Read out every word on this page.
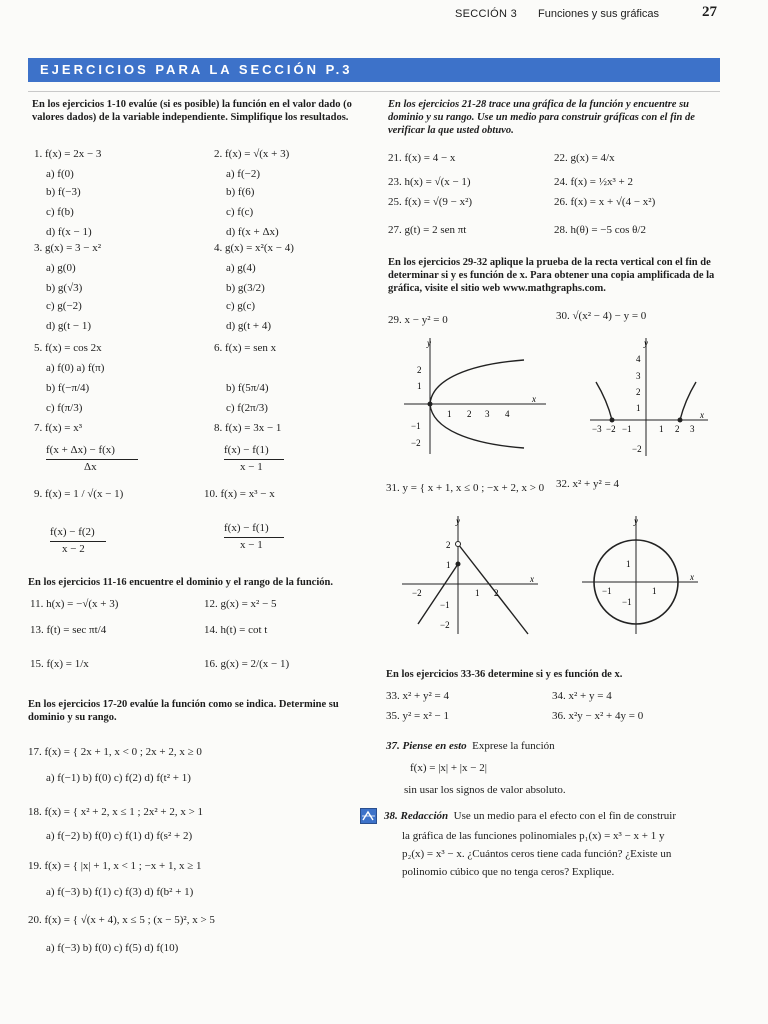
SECCIÓN 3 Funciones y sus gráficas	27
EJERCICIOS PARA LA SECCIÓN P.3
En los ejercicios 1-10 evalúe (si es posible) la función en el valor dado (o valores dados) de la variable independiente. Simplifique los resultados.
1. f(x) = 2x − 3	2. f(x) = √(x + 3)
a) f(0)	a) f(−2)
b) f(−3)	b) f(6)
c) f(b)	c) f(c)
d) f(x − 1)	d) f(x + Δx)
3. g(x) = 3 − x²	4. g(x) = x²(x − 4)
a) g(0)	a) g(4)
b) g(√3)	b) g(3/2)
c) g(−2)	c) g(c)
d) g(t − 1)	d) g(t + 4)
5. f(x) = cos 2x	6. f(x) = sen x
a) f(0) a) f(π)
b) f(−π/4)	b) f(5π/4)
c) f(π/3)	c) f(2π/3)
7. f(x) = x³	8. f(x) = 3x − 1
f(x + Δx) − f(x)
Δx
f(x) − f(1)
x − 1
9. f(x) = 1 / √(x − 1)	10. f(x) = x³ − x
f(x) − f(2)
x − 2
f(x) − f(1)
x − 1
En los ejercicios 11-16 encuentre el dominio y el rango de la función.
11. h(x) = −√(x + 3)	12. g(x) = x² − 5
13. f(t) = sec πt/4	14. h(t) = cot t
15. f(x) = 1/x	16. g(x) = 2/(x − 1)
En los ejercicios 17-20 evalúe la función como se indica. Determine su dominio y su rango.
17. f(x) = { 2x + 1, x < 0 ; 2x + 2, x ≥ 0
a) f(−1) b) f(0) c) f(2) d) f(t² + 1)
18. f(x) = { x² + 2, x ≤ 1 ; 2x² + 2, x > 1
a) f(−2) b) f(0) c) f(1) d) f(s² + 2)
19. f(x) = { |x| + 1, x < 1 ; −x + 1, x ≥ 1
a) f(−3) b) f(1) c) f(3) d) f(b² + 1)
20. f(x) = { √(x + 4), x ≤ 5 ; (x − 5)², x > 5
a) f(−3) b) f(0) c) f(5) d) f(10)
En los ejercicios 21-28 trace una gráfica de la función y encuentre su dominio y su rango. Use un medio para construir gráficas con el fin de verificar la que usted obtuvo.
21. f(x) = 4 − x	22. g(x) = 4/x
23. h(x) = √(x − 1)	24. f(x) = ½x³ + 2
25. f(x) = √(9 − x²)	26. f(x) = x + √(4 − x²)
27. g(t) = 2 sen πt	28. h(θ) = −5 cos θ/2
En los ejercicios 29-32 aplique la prueba de la recta vertical con el fin de determinar si y es función de x. Para obtener una copia amplificada de la gráfica, visite el sitio web www.mathgraphs.com.
29. x − y² = 0	30. √(x² − 4) − y = 0
y
x
2
1
−1
−2
1 2 3 4
y
x
4
3
2
1
−2
−3 −2 −1	1 2 3
31. y = { x + 1, x ≤ 0 ; −x + 2, x > 0 32. x² + y² = 4
y
x
2
1
−1
−2
−2	1 2
y
x
1
−1
−1	1
En los ejercicios 33-36 determine si y es función de x.
33. x² + y² = 4	34. x² + y = 4
35. y² = x² − 1	36. x²y − x² + 4y = 0
37. Piense en esto Exprese la función
f(x) = |x| + |x − 2|
sin usar los signos de valor absoluto.
38. Redacción Use un medio para el efecto con el fin de construir
la gráfica de las funciones polinomiales p₁(x) = x³ − x + 1 y
p₂(x) = x³ − x. ¿Cuántos ceros tiene cada función? ¿Existe un
polinomio cúbico que no tenga ceros? Explique.
